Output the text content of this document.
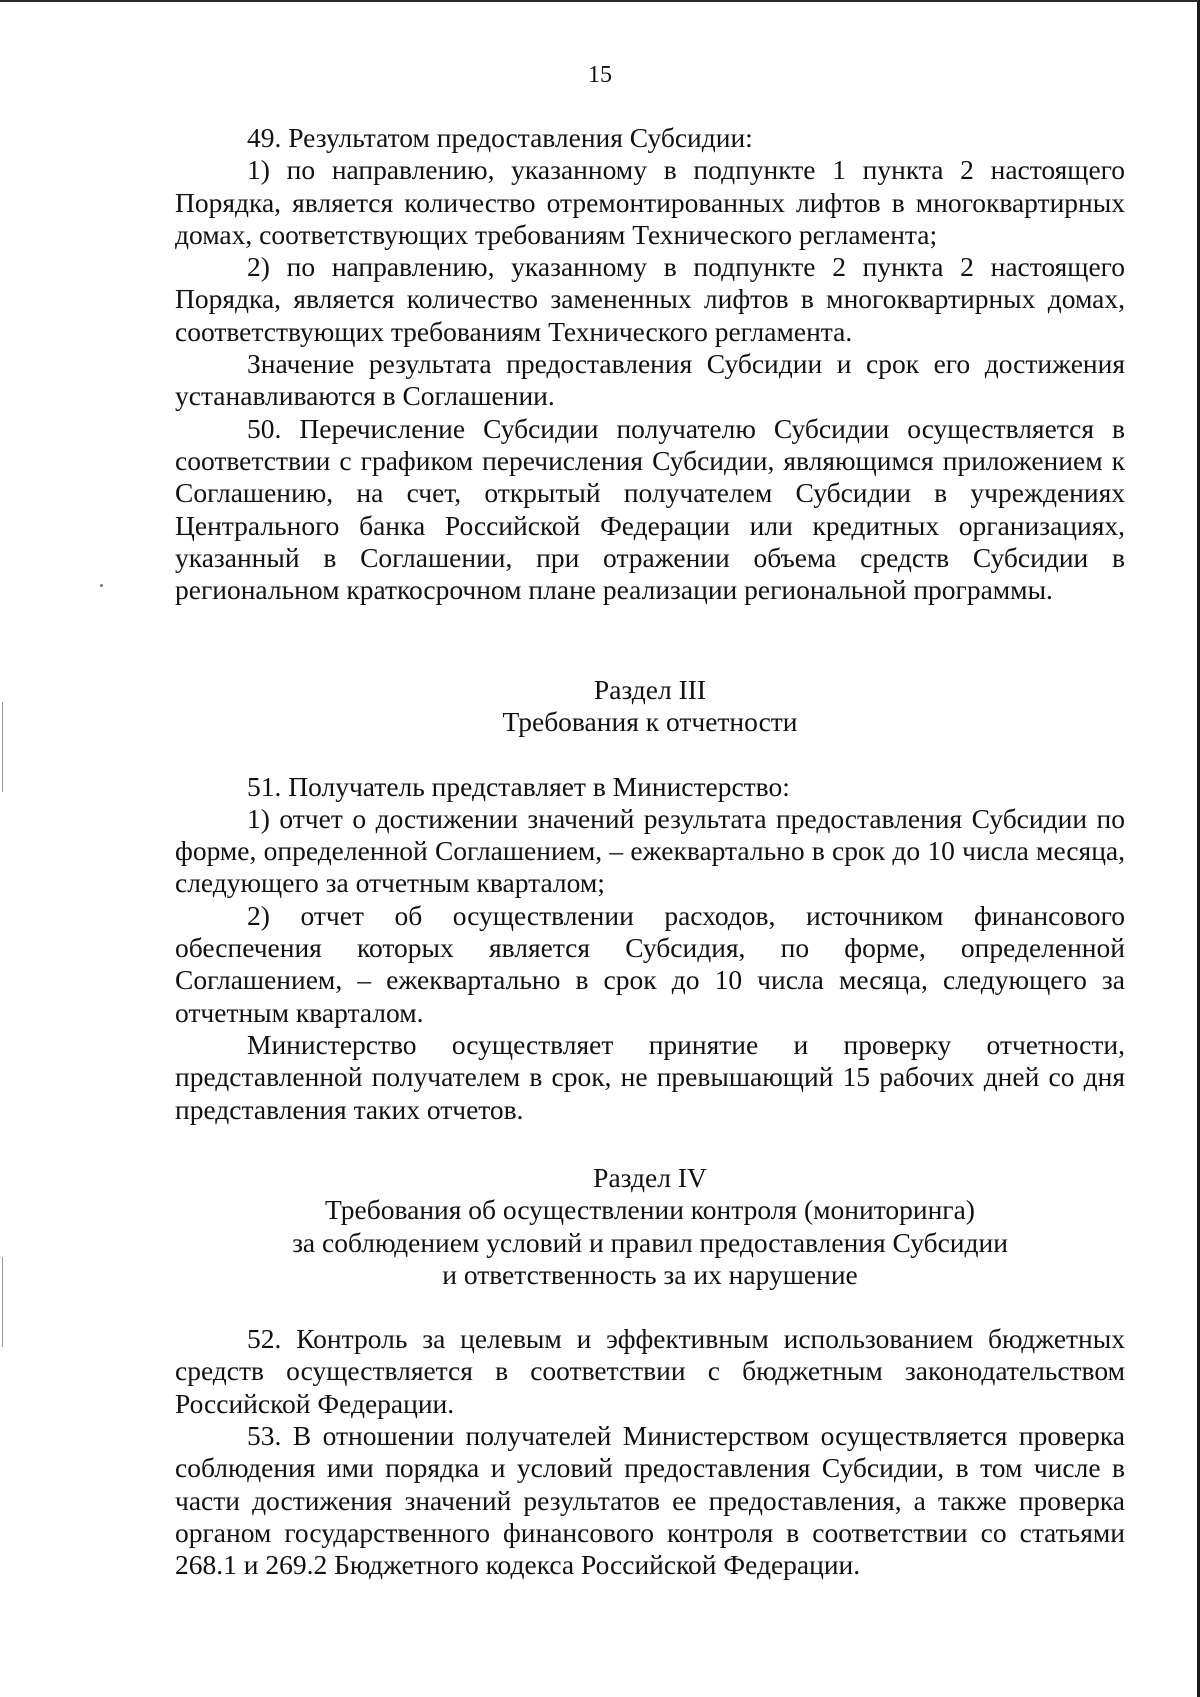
15

49. Результатом предоставления Субсидии:

1) по направлению, указанному в подпункте 1 пункта 2 настоящего Порядка, является количество отремонтированных лифтов в многоквартирных домах, соответствующих требованиям Технического регламента;

2) по направлению, указанному в подпункте 2 пункта 2 настоящего Порядка, является количество замененных лифтов в многоквартирных домах, соответствующих требованиям Технического регламента.

Значение результата предоставления Субсидии и срок его достижения устанавливаются в Соглашении.

50. Перечисление Субсидии получателю Субсидии осуществляется в соответствии с графиком перечисления Субсидии, являющимся приложением к Соглашению, на счет, открытый получателем Субсидии в учреждениях Центрального банка Российской Федерации или кредитных организациях, указанный в Соглашении, при отражении объема средств Субсидии в региональном краткосрочном плане реализации региональной программы.

Раздел III

Требования к отчетности

51. Получатель представляет в Министерство:

1) отчет о достижении значений результата предоставления Субсидии по форме, определенной Соглашением, – ежеквартально в срок до 10 числа месяца, следующего за отчетным кварталом;

2) отчет об осуществлении расходов, источником финансового обеспечения которых является Субсидия, по форме, определенной Соглашением, – ежеквартально в срок до 10 числа месяца, следующего за отчетным кварталом.

Министерство осуществляет принятие и проверку отчетности, представленной получателем в срок, не превышающий 15 рабочих дней со дня представления таких отчетов.

Раздел IV

Требования об осуществлении контроля (мониторинга)

за соблюдением условий и правил предоставления Субсидии

и ответственность за их нарушение

52. Контроль за целевым и эффективным использованием бюджетных средств осуществляется в соответствии с бюджетным законодательством Российской Федерации.

53. В отношении получателей Министерством осуществляется проверка соблюдения ими порядка и условий предоставления Субсидии, в том числе в части достижения значений результатов ее предоставления, а также проверка органом государственного финансового контроля в соответствии со статьями 268.1 и 269.2 Бюджетного кодекса Российской Федерации.
